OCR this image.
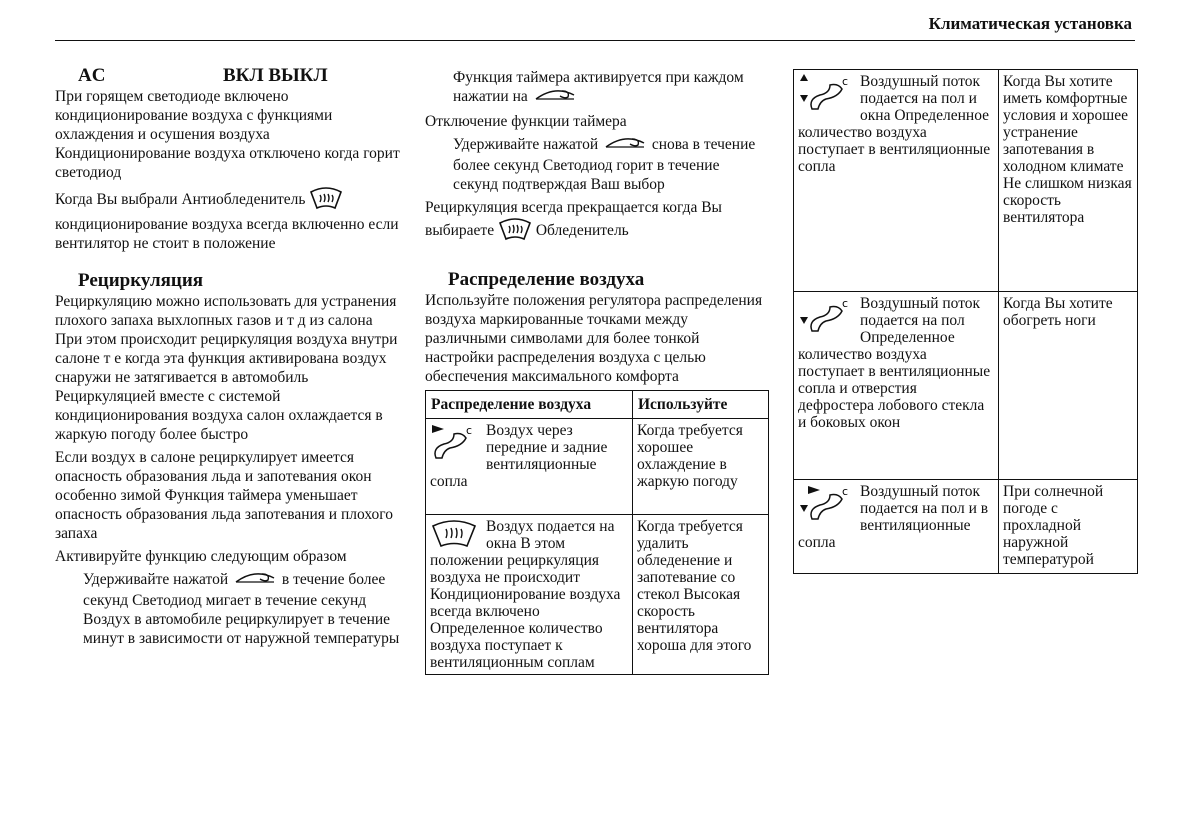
Климатическая установка
AC	ВКЛ ВЫКЛ

При горящем светодиоде включено кондиционирование воздуха с функциями охлаждения и осушения воздуха Кондиционирование воздуха отключено когда горит светодиод

Когда Вы выбрали Антиобледенитель  кондиционирование воздуха всегда включенно если вентилятор не стоит в положение

Рециркуляция

Рециркуляцию можно использовать для устранения плохого запаха выхлопных газов и т д из салона При этом происходит рециркуляция воздуха внутри салоне т е когда эта функция активирована воздух снаружи не затягивается в автомобиль Рециркуляцией вместе с системой кондиционирования воздуха салон охлаждается в жаркую погоду более быстро

Если воздух в салоне рециркулирует имеется опасность образования льда и запотевания окон особенно зимой Функция таймера уменьшает опасность образования льда запотевания и плохого запаха

Активируйте функцию следующим образом

Удерживайте нажатой	в течение более секунд Светодиод мигает в течение секунд Воздух в автомобиле рециркулирует в течение минут в зависимости от наружной температуры

Функция таймера активируется при каждом нажатии на

Отключение функции таймера

Удерживайте нажатой	снова в течение более секунд Светодиод горит в течение секунд подтверждая Ваш выбор

Рециркуляция всегда прекращается когда Вы выбираете	Обледенитель

Распределение воздуха

Используйте положения регулятора распределения воздуха маркированные точками между различными символами для более тонкой настройки распределения воздуха с целью обеспечения максимального комфорта

Распределение воздуха	Используйте

c Воздух через передние и задние вентиляционные сопла	Когда требуется хорошее охлаждение в жаркую погоду

Воздух подается на окна В этом положении рециркуляция воздуха не происходит Кондиционирование воздуха всегда включено Определенное количество воздуха поступает к вентиляционным соплам	Когда требуется удалить обледенение и запотевание со стекол Высокая скорость вентилятора хороша для этого
c Воздушный поток подается на пол и окна Определенное количество воздуха поступает в вентиляционные сопла	Когда Вы хотите иметь комфортные условия и хорошее устранение запотевания в холодном климате Не слишком низкая скорость вентилятора

c Воздушный поток подается на пол Определенное количество воздуха поступает в вентиляционные сопла и отверстия дефростера лобового стекла и боковых окон	Когда Вы хотите обогреть ноги

c Воздушный поток подается на пол и в вентиляционные сопла	При солнечной погоде с прохладной наружной температурой
